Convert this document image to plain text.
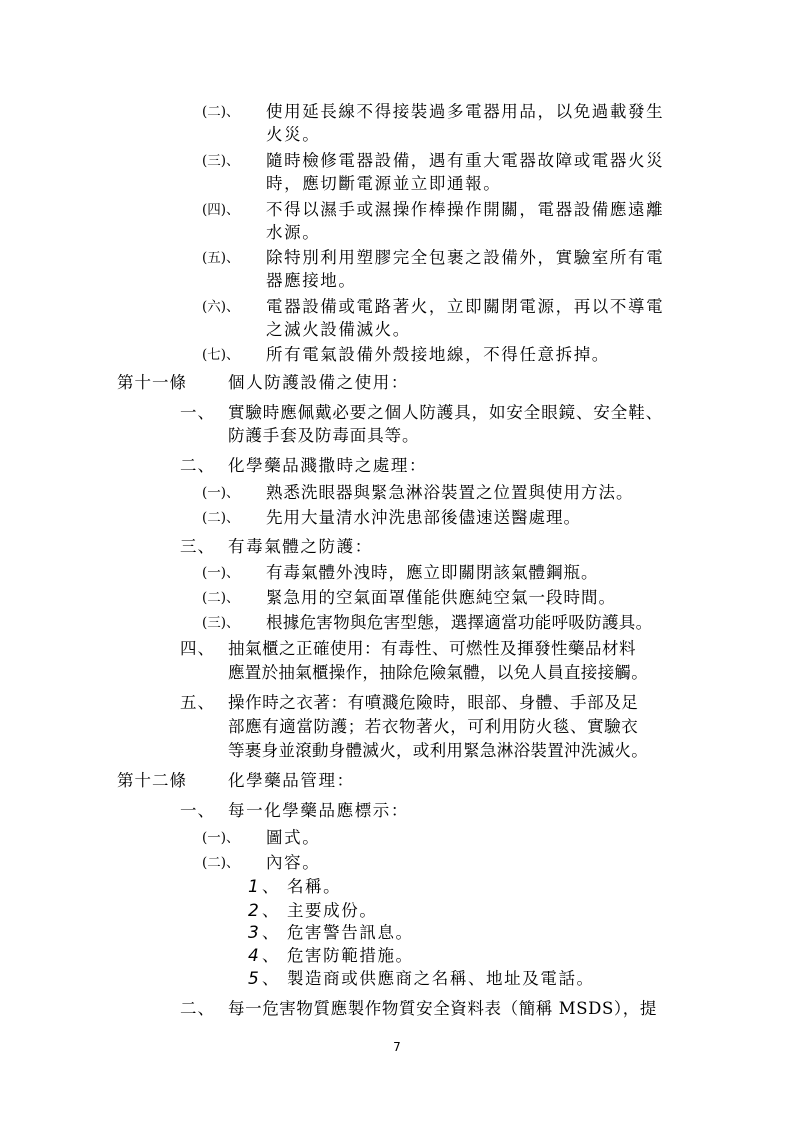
(二)、 使用延長線不得接裝過多電器用品，以免過載發生
火災。
(三)、 隨時檢修電器設備，遇有重大電器故障或電器火災
時，應切斷電源並立即通報。
(四)、 不得以濕手或濕操作棒操作開關，電器設備應遠離
水源。
(五)、 除特別利用塑膠完全包裹之設備外，實驗室所有電
器應接地。
(六)、 電器設備或電路著火，立即關閉電源，再以不導電
之滅火設備滅火。
(七)、 所有電氣設備外殼接地線，不得任意拆掉。
第十一條 個人防護設備之使用：
一、 實驗時應佩戴必要之個人防護具，如安全眼鏡、安全鞋、
防護手套及防毒面具等。
二、 化學藥品濺撒時之處理：
(一)、 熟悉洗眼器與緊急淋浴裝置之位置與使用方法。
(二)、 先用大量清水沖洗患部後儘速送醫處理。
三、 有毒氣體之防護：
(一)、 有毒氣體外洩時，應立即關閉該氣體鋼瓶。
(二)、 緊急用的空氣面罩僅能供應純空氣一段時間。
(三)、 根據危害物與危害型態，選擇適當功能呼吸防護具。
四、 抽氣櫃之正確使用：有毒性、可燃性及揮發性藥品材料
應置於抽氣櫃操作，抽除危險氣體，以免人員直接接觸。
五、 操作時之衣著：有噴濺危險時，眼部、身體、手部及足
部應有適當防護；若衣物著火，可利用防火毯、實驗衣
等裹身並滾動身體滅火，或利用緊急淋浴裝置沖洗滅火。
第十二條 化學藥品管理：
一、 每一化學藥品應標示：
(一)、 圖式。
(二)、 內容。
1 、 名稱。
2 、 主要成份。
3 、 危害警告訊息。
4 、 危害防範措施。
5 、 製造商或供應商之名稱、地址及電話。
二、 每一危害物質應製作物質安全資料表（簡稱 MSDS），提
7
